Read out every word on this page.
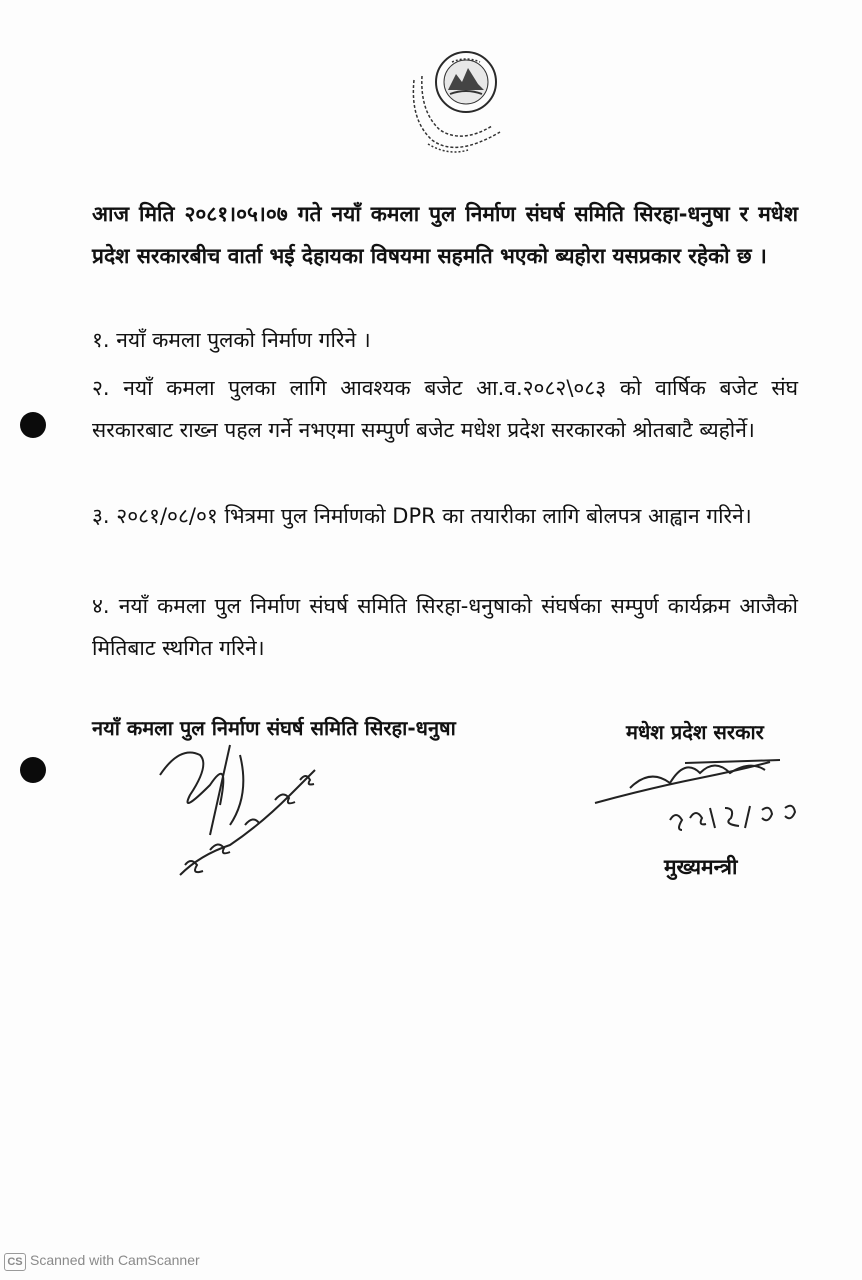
आज मिति २०८१।०५।०७ गते नयाँ कमला पुल निर्माण संघर्ष समिति सिरहा-धनुषा र मधेश प्रदेश सरकारबीच वार्ता भई देहायका विषयमा सहमति भएको ब्यहोरा यसप्रकार रहेको छ ।

१. नयाँ कमला पुलको निर्माण गरिने ।

२. नयाँ कमला पुलका लागि आवश्यक बजेट आ.व.२०८२\०८३ को वार्षिक बजेट संघ सरकारबाट राख्न पहल गर्ने नभएमा सम्पुर्ण बजेट मधेश प्रदेश सरकारको श्रोतबाटै ब्यहोर्ने।

३. २०८१/०८/०१ भित्रमा पुल निर्माणको DPR का तयारीका लागि बोलपत्र आह्वान गरिने।

४. नयाँ कमला पुल निर्माण संघर्ष समिति सिरहा-धनुषाको संघर्षका सम्पुर्ण कार्यक्रम आजैको मितिबाट स्थगित गरिने।

नयाँ कमला पुल निर्माण संघर्ष समिति सिरहा-धनुषा	मधेश प्रदेश सरकार
मुख्यमन्त्री
CS Scanned with CamScanner
